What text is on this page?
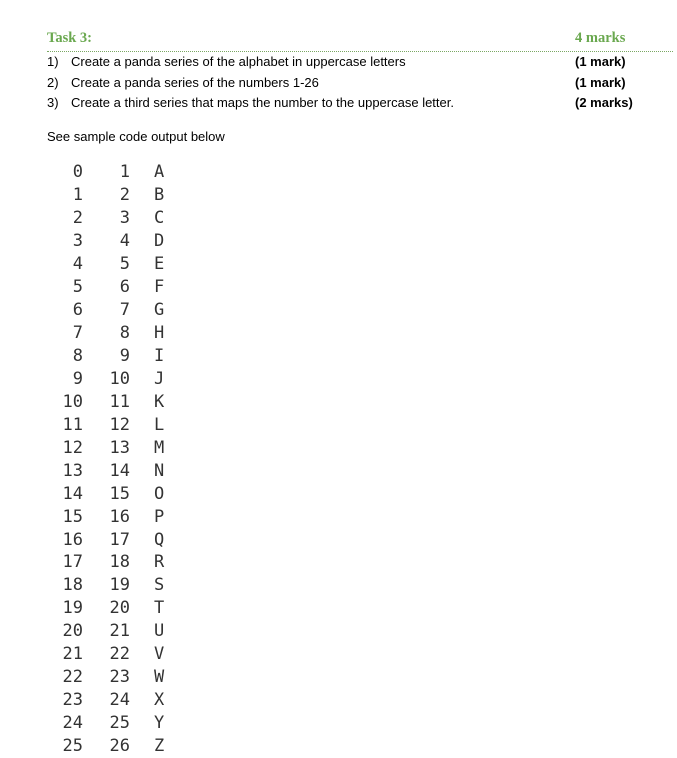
Task 3:	4 marks
1) Create a panda series of the alphabet in uppercase letters	(1 mark)
2) Create a panda series of the numbers 1-26	(1 mark)
3) Create a third series that maps the number to the uppercase letter.	(2 marks)
See sample code output below
0	1 A
1	2 B
2	3 C
3	4 D
4	5 E
5	6 F
6	7 G
7	8 H
8	9 I
9	10 J
10	11 K
11	12 L
12	13 M
13	14 N
14	15 O
15	16 P
16	17 Q
17	18 R
18	19 S
19	20 T
20	21 U
21	22 V
22	23 W
23	24 X
24	25 Y
25	26 Z
